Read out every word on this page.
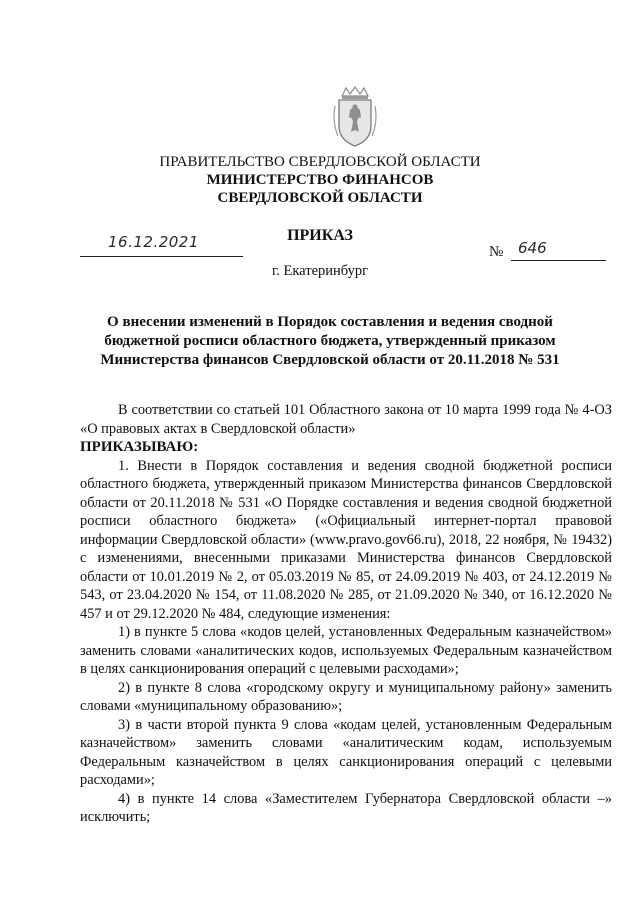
ПРАВИТЕЛЬСТВО СВЕРДЛОВСКОЙ ОБЛАСТИ
МИНИСТЕРСТВО ФИНАНСОВ
СВЕРДЛОВСКОЙ ОБЛАСТИ
ПРИКАЗ
16.12.2021
№ 646
г. Екатеринбург
О внесении изменений в Порядок составления и ведения сводной бюджетной росписи областного бюджета, утвержденный приказом Министерства финансов Свердловской области от 20.11.2018 № 531

В соответствии со статьей 101 Областного закона от 10 марта 1999 года № 4-ОЗ «О правовых актах в Свердловской области»

ПРИКАЗЫВАЮ:

1. Внести в Порядок составления и ведения сводной бюджетной росписи областного бюджета, утвержденный приказом Министерства финансов Свердловской области от 20.11.2018 № 531 «О Порядке составления и ведения сводной бюджетной росписи областного бюджета» («Официальный интернет-портал правовой информации Свердловской области» (www.pravo.gov66.ru), 2018, 22 ноября, № 19432) с изменениями, внесенными приказами Министерства финансов Свердловской области от 10.01.2019 № 2, от 05.03.2019 № 85, от 24.09.2019 № 403, от 24.12.2019 № 543, от 23.04.2020 № 154, от 11.08.2020 № 285, от 21.09.2020 № 340, от 16.12.2020 № 457 и от 29.12.2020 № 484, следующие изменения:

1) в пункте 5 слова «кодов целей, установленных Федеральным казначейством» заменить словами «аналитических кодов, используемых Федеральным казначейством в целях санкционирования операций с целевыми расходами»;

2) в пункте 8 слова «городскому округу и муниципальному району» заменить словами «муниципальному образованию»;

3) в части второй пункта 9 слова «кодам целей, установленным Федеральным казначейством» заменить словами «аналитическим кодам, используемым Федеральным казначейством в целях санкционирования операций с целевыми расходами»;

4) в пункте 14 слова «Заместителем Губернатора Свердловской области –» исключить;
